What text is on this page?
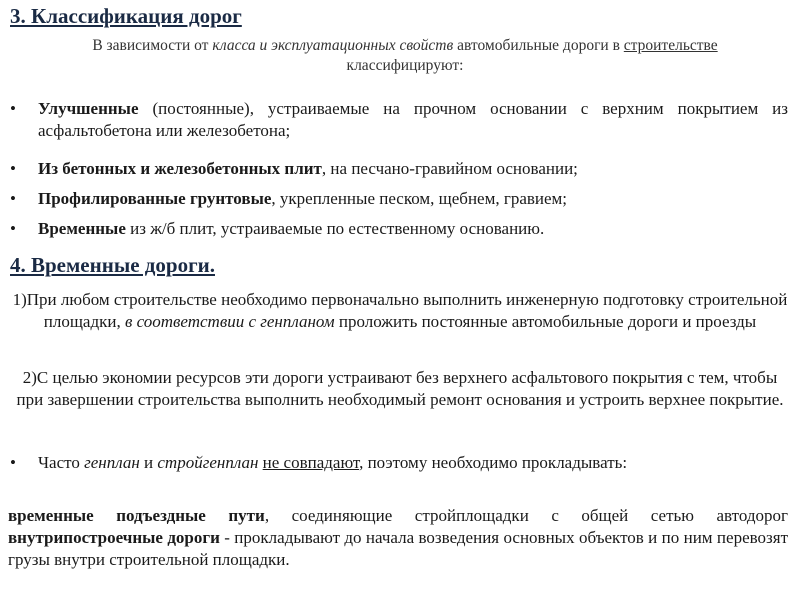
3. Классификация дорог
В зависимости от класса и эксплуатационных свойств автомобильные дороги в строительстве классифицируют:
•	Улучшенные (постоянные), устраиваемые на прочном основании с верхним покрытием из асфальтобетона или железобетона;
•	Из бетонных и железобетонных плит, на песчано-гравийном основании;
•	Профилированные грунтовые, укрепленные песком, щебнем, гравием;
•	Временные из ж/б плит, устраиваемые по естественному основанию.
4. Временные дороги.
1)При любом строительстве необходимо первоначально выполнить инженерную подготовку строительной площадки, в соответствии с генпланом проложить постоянные автомобильные дороги и проезды
2)С целью экономии ресурсов эти дороги устраивают без верхнего асфальтового покрытия с тем, чтобы при завершении строительства выполнить необходимый ремонт основания и устроить верхнее покрытие.
•	Часто генплан и стройгенплан не совпадают, поэтому необходимо прокладывать:
временные подъездные пути, соединяющие стройплощадки с общей сетью автодорог внутрипостроечные дороги - прокладывают до начала возведения основных объектов и по ним перевозят грузы внутри строительной площадки.
